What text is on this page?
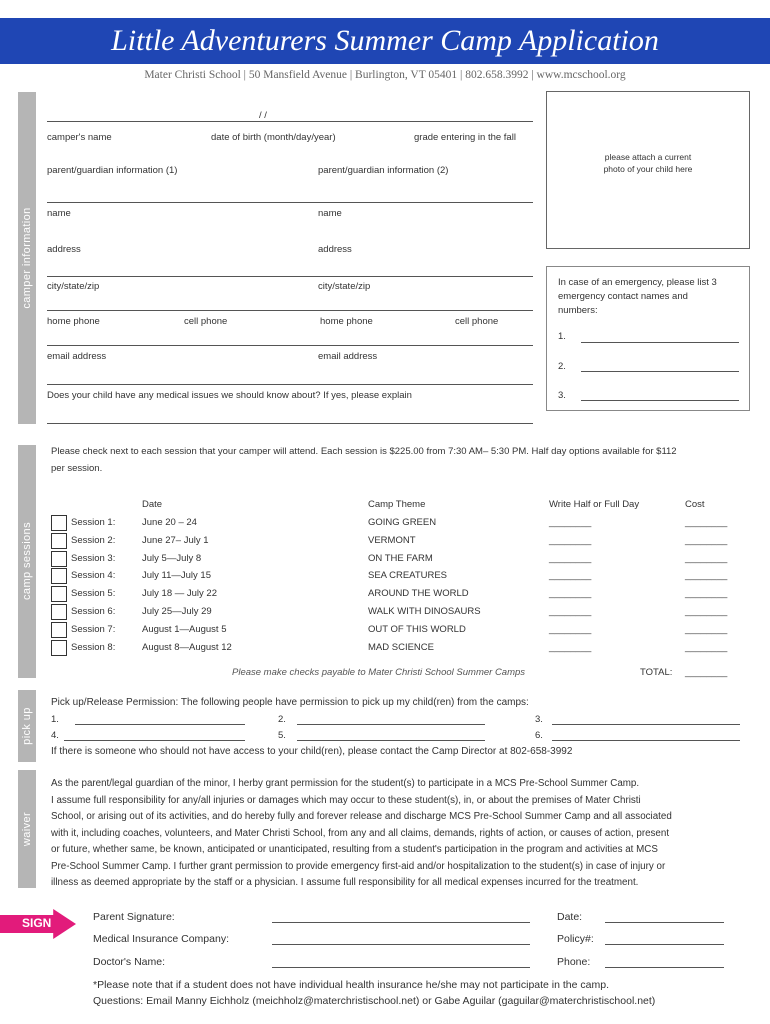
Little Adventurers Summer Camp Application
Mater Christi School | 50 Mansfield Avenue | Burlington, VT 05401 | 802.658.3992 | www.mcschool.org
camper information
camp sessions
pick up
waiver
/ /
camper's name	date of birth (month/day/year)	grade entering in the fall
parent/guardian information (1)	parent/guardian information (2)
name	name
address	address
city/state/zip	city/state/zip
home phone	cell phone	home phone	cell phone
email address	email address
Does your child have any medical issues we should know about? If yes, please explain
please attach a current
photo of your child here
In case of an emergency, please list 3
emergency contact names and
numbers:
1.
2.
3.
Please check next to each session that your camper will attend. Each session is $225.00 from 7:30 AM– 5:30 PM. Half day options available for $112
per session.
Date	Camp Theme	Write Half or Full Day	Cost
Session 1:	June 20 – 24	GOING GREEN	________	________
Session 2:	June 27– July 1	VERMONT	________	________
Session 3:	July 5—July 8	ON THE FARM	________	________
Session 4:	July 11—July 15	SEA CREATURES	________	________
Session 5:	July 18 — July 22	AROUND THE WORLD	________	________
Session 6:	July 25—July 29	WALK WITH DINOSAURS	________	________
Session 7:	August 1—August 5	OUT OF THIS WORLD	________	________
Session 8:	August 8—August 12	MAD SCIENCE	________	________
Please make checks payable to Mater Christi School Summer Camps	TOTAL: ________
Pick up/Release Permission: The following people have permission to pick up my child(ren) from the camps:
1.	2.	3.
4.	5.	6.
If there is someone who should not have access to your child(ren), please contact the Camp Director at 802-658-3992
As the parent/legal guardian of the minor, I herby grant permission for the student(s) to participate in a MCS Pre-School Summer Camp.
I assume full responsibility for any/all injuries or damages which may occur to these student(s), in, or about the premises of Mater Christi
School, or arising out of its activities, and do hereby fully and forever release and discharge MCS Pre-School Summer Camp and all associated
with it, including coaches, volunteers, and Mater Christi School, from any and all claims, demands, rights of action, or causes of action, present
or future, whether same, be known, anticipated or unanticipated, resulting from a student's participation in the program and activities at MCS
Pre-School Summer Camp. I further grant permission to provide emergency first-aid and/or hospitalization to the student(s) in case of injury or
illness as deemed appropriate by the staff or a physician. I assume full responsibility for all medical expenses incurred for the treatment.
SIGN	Parent Signature:	Date:
Medical Insurance Company:	Policy#:
Doctor's Name:	Phone:
*Please note that if a student does not have individual health insurance he/she may not participate in the camp.
Questions: Email Manny Eichholz (meichholz@materchristischool.net) or Gabe Aguilar (gaguilar@materchristischool.net)
